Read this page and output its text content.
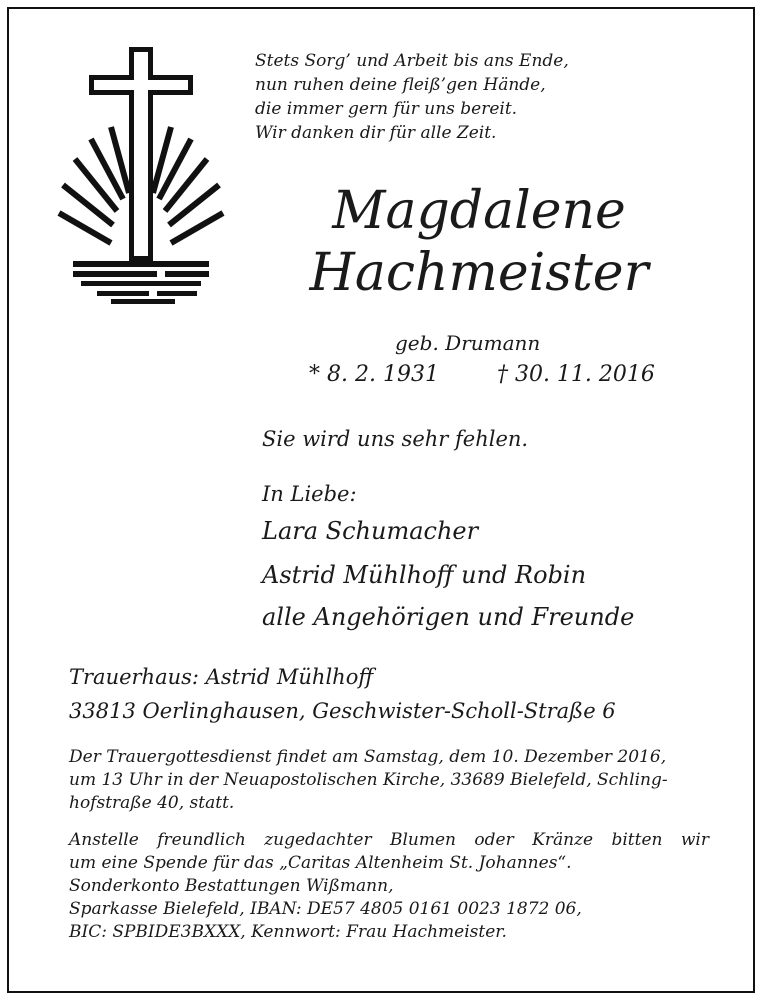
Stets Sorg’ und Arbeit bis ans Ende,
nun ruhen deine fleiß’gen Hände,
die immer gern für uns bereit.
Wir danken dir für alle Zeit.
Magdalene
Hachmeister
geb. Drumann
* 8. 2. 1931	† 30. 11. 2016
Sie wird uns sehr fehlen.
In Liebe:
Lara Schumacher
Astrid Mühlhoff und Robin
alle Angehörigen und Freunde
Trauerhaus: Astrid Mühlhoff
33813 Oerlinghausen, Geschwister-Scholl-Straße 6
Der Trauergottesdienst findet am Samstag, dem 10. Dezember 2016,
um 13 Uhr in der Neuapostolischen Kirche, 33689 Bielefeld, Schling-
hofstraße 40, statt.
Anstelle freundlich zugedachter Blumen oder Kränze bitten wir
um eine Spende für das „Caritas Altenheim St. Johannes“.
Sonderkonto Bestattungen Wißmann,
Sparkasse Bielefeld, IBAN: DE57 4805 0161 0023 1872 06,
BIC: SPBIDE3BXXX, Kennwort: Frau Hachmeister.
